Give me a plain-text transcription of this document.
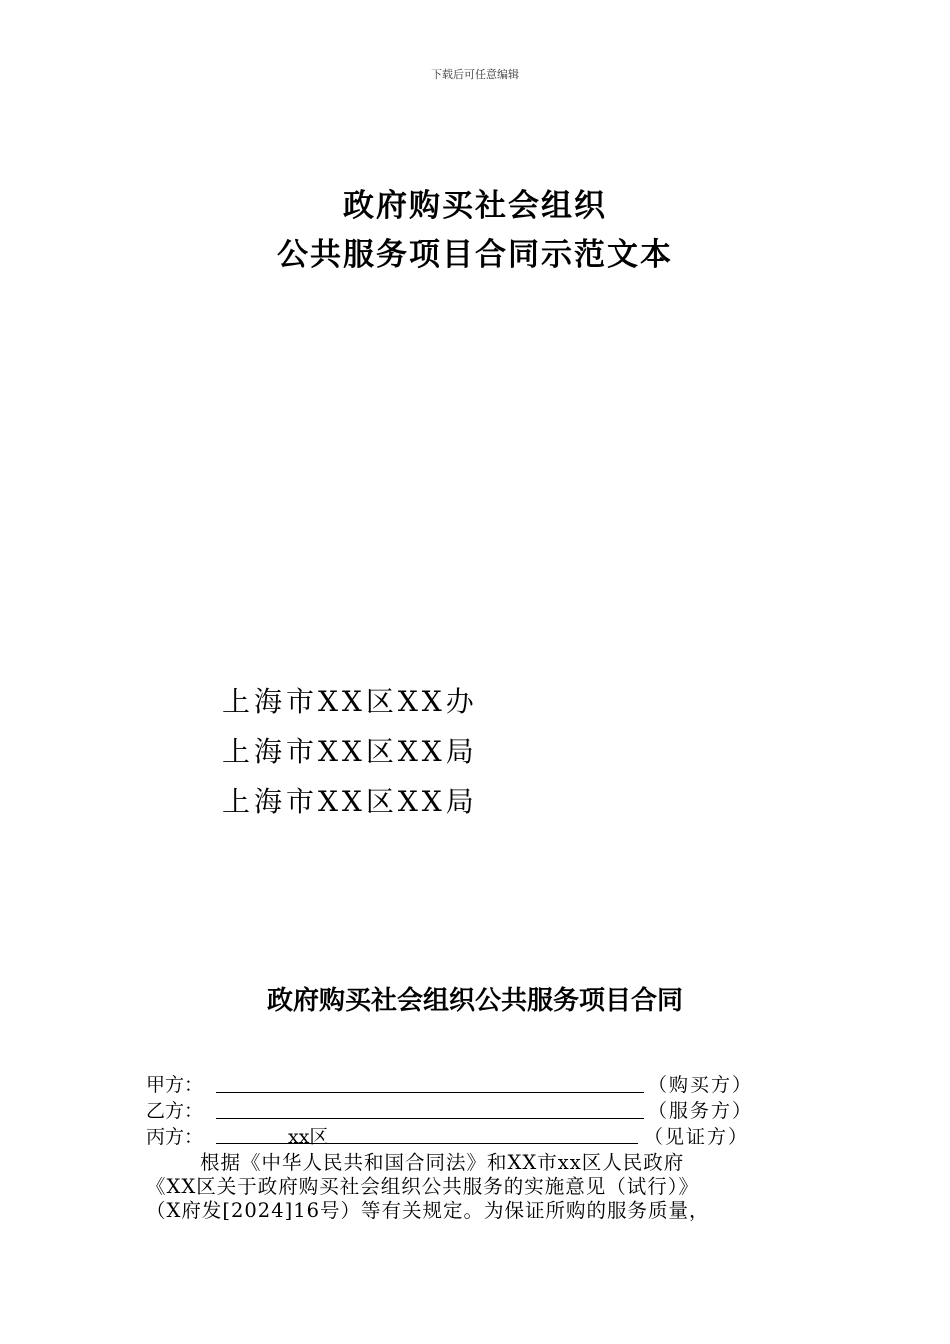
下载后可任意编辑
政府购买社会组织
公共服务项目合同示范文本
上海市XX区XX办
上海市XX区XX局
上海市XX区XX局
政府购买社会组织公共服务项目合同
甲方：	（购买方）
乙方：	（服务方）
丙方：	xx区	（见证方）
根据《中华人民共和国合同法》和XX市xx区人民政府
《XX区关于政府购买社会组织公共服务的实施意见（试行）》
（X府发[2024]16号）等有关规定。为保证所购的服务质量，
